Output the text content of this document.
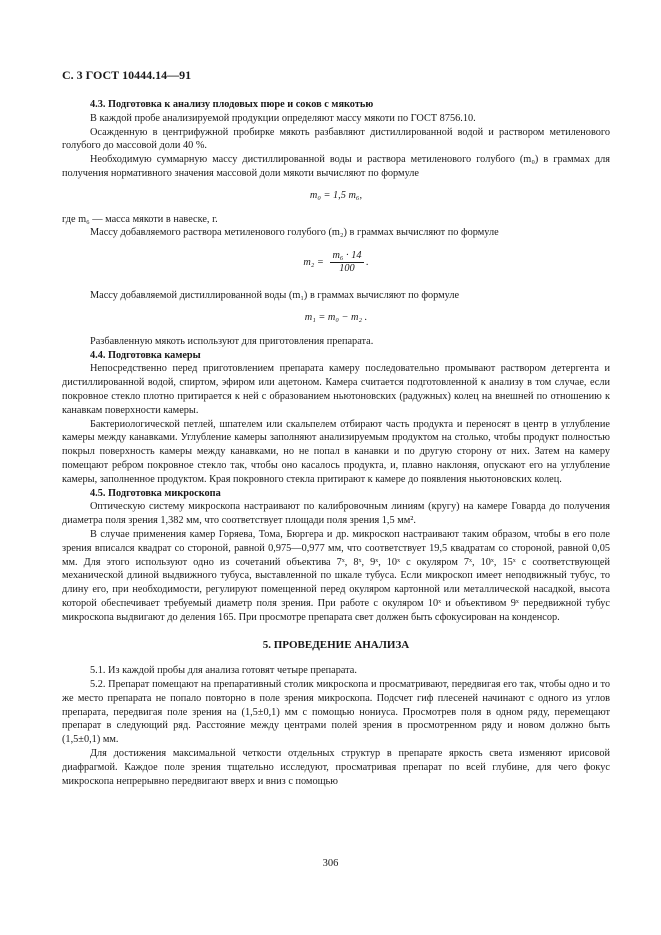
С. 3 ГОСТ 10444.14—91

4.3. Подготовка к анализу плодовых пюре и соков с мякотью

В каждой пробе анализируемой продукции определяют массу мякоти по ГОСТ 8756.10.

Осажденную в центрифужной пробирке мякоть разбавляют дистиллированной водой и раствором метиленового голубого до массовой доли 40 %.

Необходимую суммарную массу дистиллированной воды и раствора метиленового голубого (m₀) в граммах для получения нормативного значения массовой доли мякоти вычисляют по формуле

m₀ = 1,5 m₆,

где m₆ — масса мякоти в навеске, г.

Массу добавляемого раствора метиленового голубого (m₂) в граммах вычисляют по формуле

$m_2 = \frac{\text{m₆ · 14}}{100}$ .

Массу добавляемой дистиллированной воды (m₁) в граммах вычисляют по формуле

m₁ = m₀ − m₂ .

Разбавленную мякоть используют для приготовления препарата.

4.4. Подготовка камеры

Непосредственно перед приготовлением препарата камеру последовательно промывают раствором детергента и дистиллированной водой, спиртом, эфиром или ацетоном. Камера считается подготовленной к анализу в том случае, если покровное стекло плотно притирается к ней с образованием ньютоновских (радужных) колец на внешней по отношению к канавкам поверхности камеры.

Бактериологической петлей, шпателем или скальпелем отбирают часть продукта и переносят в центр в углубление камеры между канавками. Углубление камеры заполняют анализируемым продуктом на столько, чтобы продукт полностью покрыл поверхность камеры между канавками, но не попал в канавки и по другую сторону от них. Затем на камеру помещают ребром покровное стекло так, чтобы оно касалось продукта, и, плавно наклоняя, опускают его на углубление камеры, заполненное продуктом. Края покровного стекла притирают к камере до появления ньютоновских колец.

4.5. Подготовка микроскопа

Оптическую систему микроскопа настраивают по калибровочным линиям (кругу) на камере Говарда до получения диаметра поля зрения 1,382 мм, что соответствует площади поля зрения 1,5 мм².

В случае применения камер Горяева, Тома, Бюргера и др. микроскоп настраивают таким образом, чтобы в его поле зрения вписался квадрат со стороной, равной 0,975—0,977 мм, что соответствует 19,5 квадратам со стороной, равной 0,05 мм. Для этого используют одно из сочетаний объектива 7ˣ, 8ˣ, 9ˣ, 10ˣ с окуляром 7ˣ, 10ˣ, 15ˣ с соответствующей механической длиной выдвижного тубуса, выставленной по шкале тубуса. Если микроскоп имеет неподвижный тубус, то длину его, при необходимости, регулируют помещенной перед окуляром картонной или металлической насадкой, высота которой обеспечивает требуемый диаметр поля зрения. При работе с окуляром 10ˣ и объективом 9ˣ передвижной тубус микроскопа выдвигают до деления 165. При просмотре препарата свет должен быть сфокусирован на конденсор.

5. ПРОВЕДЕНИЕ АНАЛИЗА

5.1. Из каждой пробы для анализа готовят четыре препарата.

5.2. Препарат помещают на препаративный столик микроскопа и просматривают, передвигая его так, чтобы одно и то же место препарата не попало повторно в поле зрения микроскопа. Подсчет гиф плесеней начинают с одного из углов препарата, передвигая поле зрения на (1,5±0,1) мм с помощью нониуса. Просмотрев поля в одном ряду, перемещают препарат в следующий ряд. Расстояние между центрами полей зрения в просмотренном ряду и новом должно быть (1,5±0,1) мм.

Для достижения максимальной четкости отдельных структур в препарате яркость света изменяют ирисовой диафрагмой. Каждое поле зрения тщательно исследуют, просматривая препарат по всей глубине, для чего фокус микроскопа непрерывно передвигают вверх и вниз с помощью

306
